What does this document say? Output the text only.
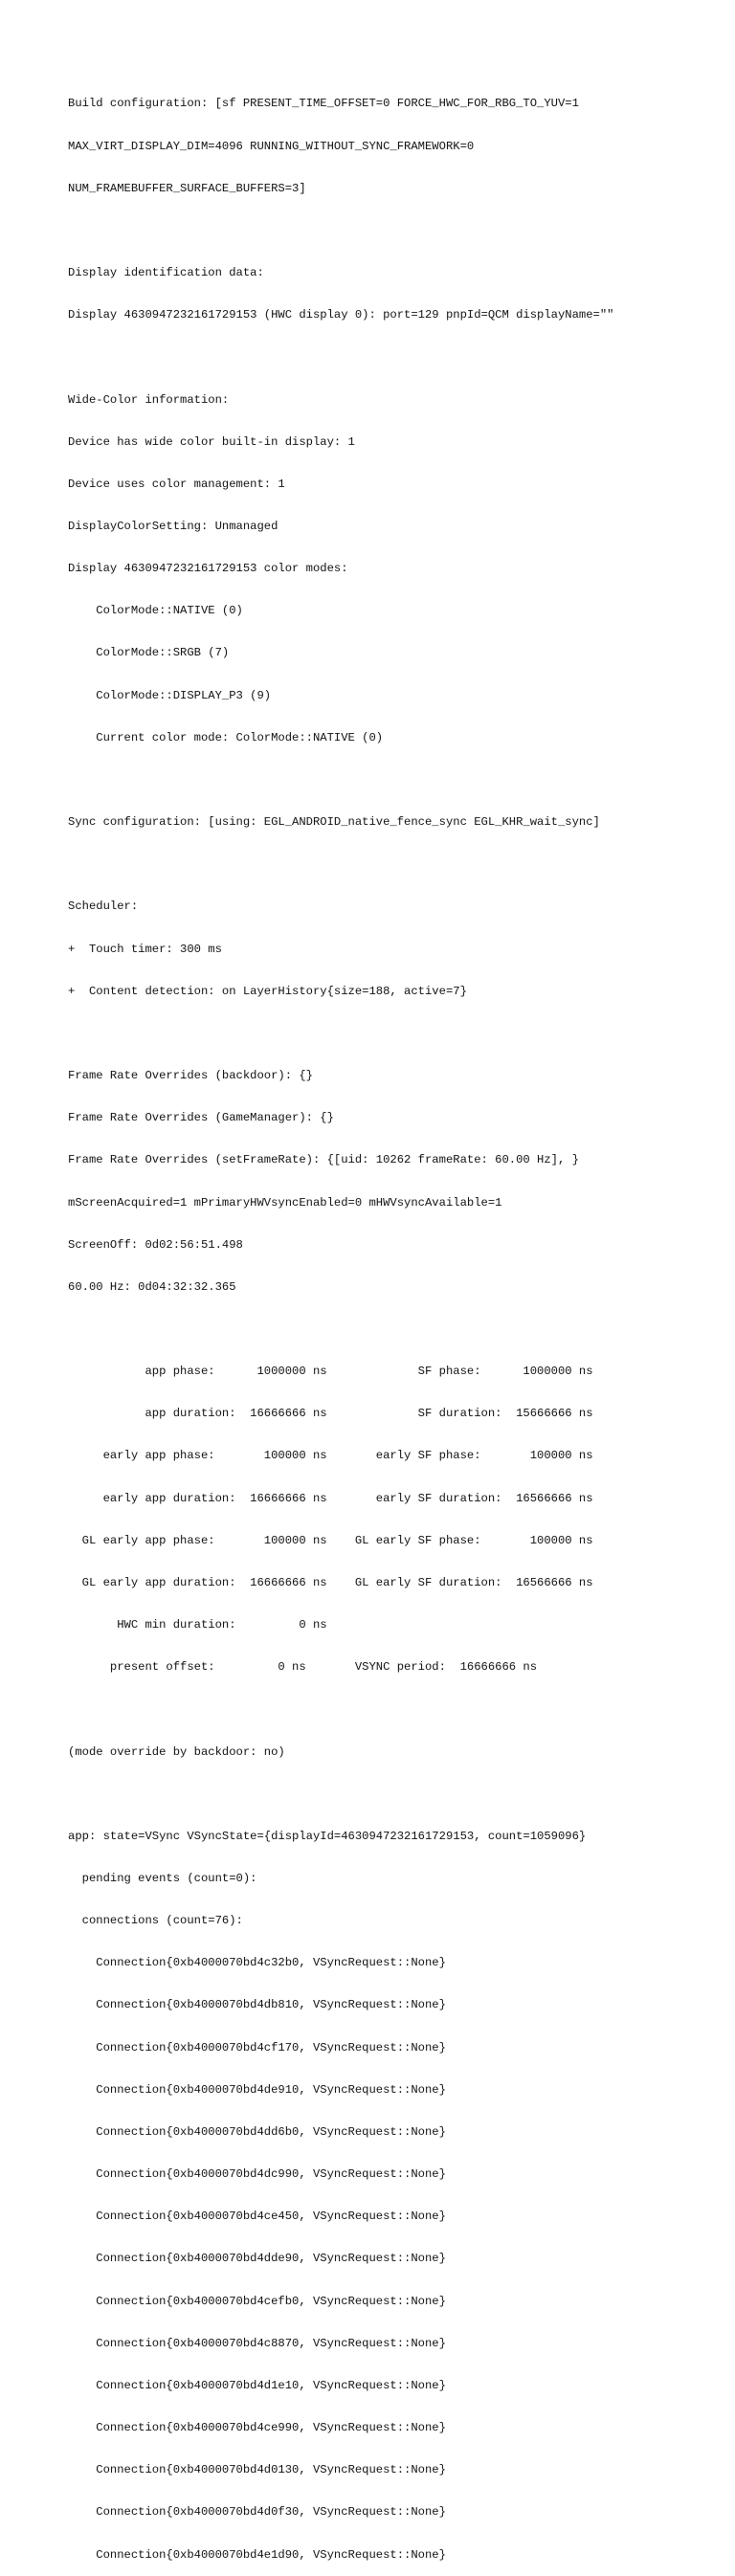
Build configuration: [sf PRESENT_TIME_OFFSET=0 FORCE_HWC_FOR_RBG_TO_YUV=1

MAX_VIRT_DISPLAY_DIM=4096 RUNNING_WITHOUT_SYNC_FRAMEWORK=0

NUM_FRAMEBUFFER_SURFACE_BUFFERS=3]

Display identification data:

Display 4630947232161729153 (HWC display 0): port=129 pnpId=QCM displayName=""

Wide-Color information:

Device has wide color built-in display: 1

Device uses color management: 1

DisplayColorSetting: Unmanaged

Display 4630947232161729153 color modes:

ColorMode::NATIVE (0)

ColorMode::SRGB (7)

ColorMode::DISPLAY_P3 (9)

Current color mode: ColorMode::NATIVE (0)

Sync configuration: [using: EGL_ANDROID_native_fence_sync EGL_KHR_wait_sync]

Scheduler:

+  Touch timer: 300 ms

+  Content detection: on LayerHistory{size=188, active=7}

Frame Rate Overrides (backdoor): {}

Frame Rate Overrides (GameManager): {}

Frame Rate Overrides (setFrameRate): {[uid: 10262 frameRate: 60.00 Hz], }

mScreenAcquired=1 mPrimaryHWVsyncEnabled=0 mHWVsyncAvailable=1

ScreenOff: 0d02:56:51.498

60.00 Hz: 0d04:32:32.365

app phase:      1000000 ns             SF phase:      1000000 ns

app duration:  16666666 ns             SF duration:  15666666 ns

early app phase:       100000 ns       early SF phase:       100000 ns

early app duration:  16666666 ns       early SF duration:  16566666 ns

GL early app phase:       100000 ns    GL early SF phase:       100000 ns

GL early app duration:  16666666 ns    GL early SF duration:  16566666 ns

HWC min duration:         0 ns

present offset:         0 ns       VSYNC period:  16666666 ns

(mode override by backdoor: no)

app: state=VSync VSyncState={displayId=4630947232161729153, count=1059096}

pending events (count=0):

connections (count=76):

Connection{0xb4000070bd4c32b0, VSyncRequest::None}

Connection{0xb4000070bd4db810, VSyncRequest::None}

Connection{0xb4000070bd4cf170, VSyncRequest::None}

Connection{0xb4000070bd4de910, VSyncRequest::None}

Connection{0xb4000070bd4dd6b0, VSyncRequest::None}

Connection{0xb4000070bd4dc990, VSyncRequest::None}

Connection{0xb4000070bd4ce450, VSyncRequest::None}

Connection{0xb4000070bd4dde90, VSyncRequest::None}

Connection{0xb4000070bd4cefb0, VSyncRequest::None}

Connection{0xb4000070bd4c8870, VSyncRequest::None}

Connection{0xb4000070bd4d1e10, VSyncRequest::None}

Connection{0xb4000070bd4ce990, VSyncRequest::None}

Connection{0xb4000070bd4d0130, VSyncRequest::None}

Connection{0xb4000070bd4d0f30, VSyncRequest::None}

Connection{0xb4000070bd4e1d90, VSyncRequest::None}
